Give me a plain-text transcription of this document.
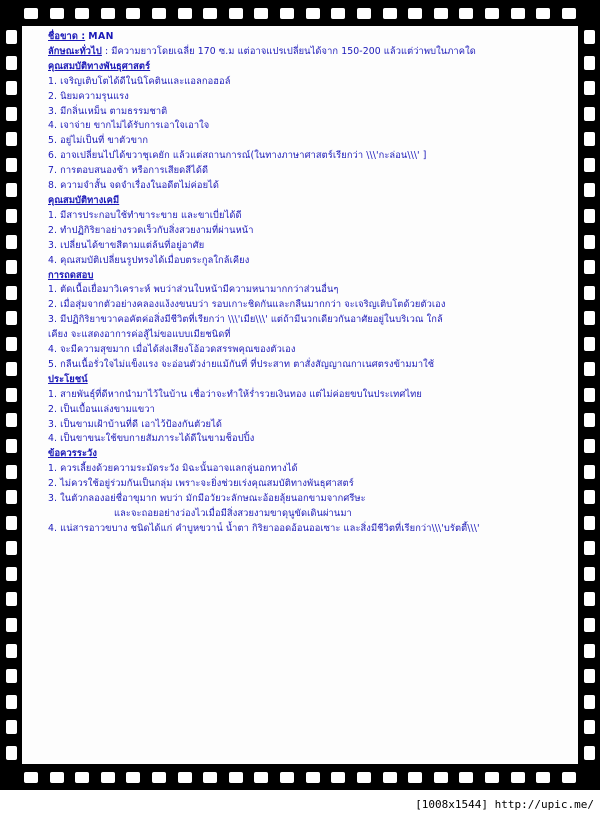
ชื่อขาด : MAN
ลักษณะทั่วไป : มีความยาวโดยเฉลี่ย 170 ซ.ม แต่อาจแปรเปลี่ยนได้จาก 150-200 แล้วแต่ว่าพบในภาคใด
คุณสมบัติทางพันธุศาสตร์
1. เจริญเติบโตได้ดีในนิโคตินและแอลกอฮอล์
2. นิยมความรุนแรง
3. มีกลิ่นเหม็น ตามธรรมชาติ
4. เจาจ่าย ขากไม่ได้รับการเอาใจเอาใจ
5. อยู่ไม่เป็นที่ ขาตัวขาก
6. อาจเปลี่ยนไปได้ขวาชุเคยัก แล้วแต่สถานการณ์(ในทางภาษาศาสตร์เรียกว่า \\\'กะล่อน\\\' ]
7. การตอบสนองช้า หรือการเสียดสีได้ดี
8. ความจำสั้น จดจำเรื่องในอดีตไม่ค่อยได้
คุณสมบัติทางเคมี
1. มีสารประกอบใช้ทำขาระขาย และขาเบี่ยได้ดี
2. ทำปฏิกิริยาอย่างรวดเร็วกับสิ่งสวยงามที่ผ่านหน้า
3. เปลี่ยนได้ขาขสีตามแต่ล้นที่อยู่อาศัย
4. คุณสมบัติเปลี่ยนรูปทรงได้เมื่อบตระกูลใกล้เคียง
การถดสอบ
1. ตัดเนื้อเยื่อมาวิเคราะห์ พบว่าส่วนใบหน้ามีความหนามากกว่าส่วนอื่นๆ
2. เมื่อสุ่มจากตัวอย่างคลองแง้งงขนบว่า รอบเกาะชิดกันและกลืนมากกว่า จะเจริญเติบโตด้วยตัวเอง
3. มีปฏิกิริยาขวาคอคัตค่อสิ่งมีชีวิตที่เรียกว่า \\\'เมีย\\\' แต่ถ้ามีนวกเดียวกันอาศัยอยู่ในบริเวณ ใกล้
เคียง จะแสดงอาการค่อสู้ไม่ขอแบบเมียชนิดที่
4. จะมีความสุขมาก เมื่อได้ส่งเสียงโอ้อวดสรรพคุณของตัวเอง
5. กลืนเนื้อรั่วใจไม่แข็งแรง จะอ่อนตัวง่ายแม้กันที่ ที่ประสาท ตาสั่งสัญญาณกาเนศตรงข้ามมาใช้
ประโยชน์
1. สายพันธุ์ที่ดีหากนำมาไว้ในบ้าน เชื่อว่าจะทำให้ร่ำรวยเงินทอง แต่ไม่ค่อยขบในประเทศไทย
2. เป็นเบื้อนแล่งขามแขวา
3. เป็นขามเฝ้าบ้านที่ดี เอาไว้ป้องกันตัวยได้
4. เป็นขาขนะใช้ขบกายสัมภาระได้ดีในขามช็อปปิ้ง
ข้อควรระวัง
1. ควรเลี้ยงด้วยความระมัดระวัง มิฉะนั้นอาจแลกลู่นอกทางได้
2. ไม่ควรใช้อยู่ร่วมกันเป็นกลุ่ม เพราะจะยิ่งช่วยเร่งคุณสมบัติทางพันธุศาสตร์
3. ในตัวกลองอย่ชื่อาขุมาก พบว่า มักมีอวัยวะลักษณะอ้อยลุ้ยนอกขามจากศรีษะ
และจะถอยอย่างว่องไวเมื่อมีสิ่งสวยงามขาดุนูขัดเดินผ่านมา
4. แน่สารอาวขบาง ชนิดได้แก่ คำบูหขวาน๎ น้ำตา กิริยาออดอ้อนออเซาะ และสิ่งมีชีวิตที่เรียกว่า\\\'บรัตตี้\\\'
[1008x1544] http://upic.me/
